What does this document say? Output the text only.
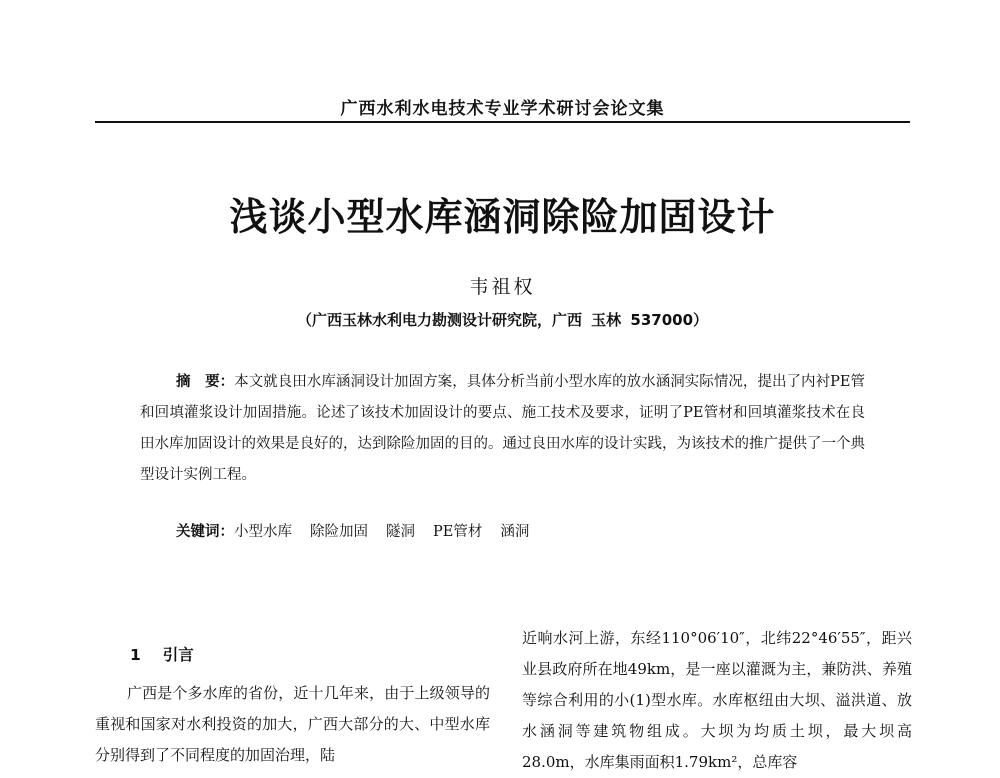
广西水利水电技术专业学术研讨会论文集
浅谈小型水库涵洞除险加固设计
韦祖权
（广西玉林水利电力勘测设计研究院，广西 玉林 537000）
摘　要：本文就良田水库涵洞设计加固方案，具体分析当前小型水库的放水涵洞实际情况，提出了内衬PE管和回填灌浆设计加固措施。论述了该技术加固设计的要点、施工技术及要求，证明了PE管材和回填灌浆技术在良田水库加固设计的效果是良好的，达到除险加固的目的。通过良田水库的设计实践，为该技术的推广提供了一个典型设计实例工程。
关键词：小型水库 除险加固 隧洞 PE管材 涵洞
1 引言

广西是个多水库的省份，近十几年来，由于上级领导的重视和国家对水利投资的加大，广西大部分的大、中型水库分别得到了不同程度的加固治理，陆

近响水河上游，东经110°06′10″，北纬22°46′55″，距兴业县政府所在地49km，是一座以灌溉为主，兼防洪、养殖等综合利用的小(1)型水库。水库枢纽由大坝、溢洪道、放水涵洞等建筑物组成。大坝为均质土坝，最大坝高28.0m，水库集雨面积1.79km²，总库容
